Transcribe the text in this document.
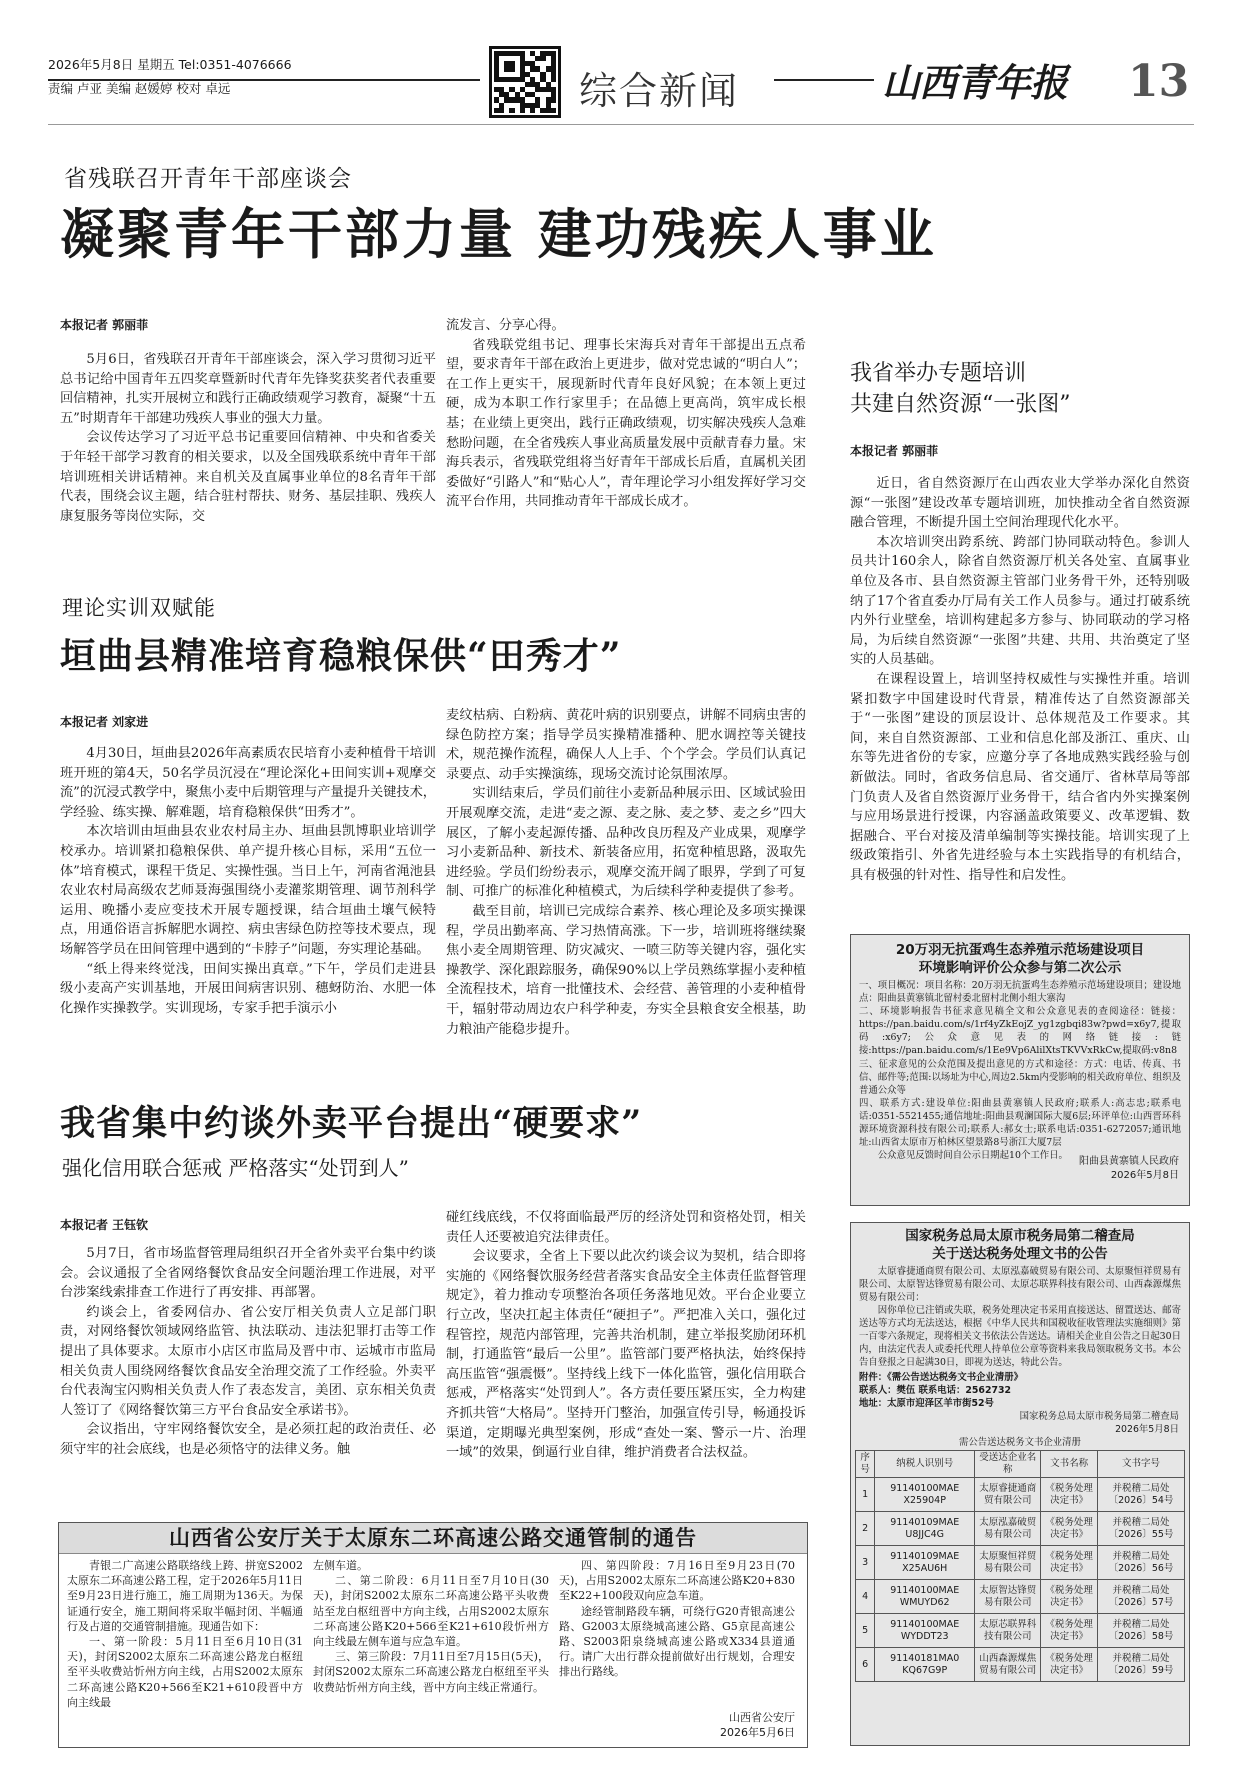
2026年5月8日 星期五 Tel:0351-4076666
责编 卢亚 美编 赵媛婷 校对 卓远	综合新闻	山西青年报 13
省残联召开青年干部座谈会
凝聚青年干部力量 建功残疾人事业
本报记者 郭丽菲

5月6日，省残联召开青年干部座谈会，深入学习贯彻习近平总书记给中国青年五四奖章暨新时代青年先锋奖获奖者代表重要回信精神，扎实开展树立和践行正确政绩观学习教育，凝聚“十五五”时期青年干部建功残疾人事业的强大力量。

会议传达学习了习近平总书记重要回信精神、中央和省委关于年轻干部学习教育的相关要求，以及全国残联系统中青年干部培训班相关讲话精神。来自机关及直属事业单位的8名青年干部代表，围绕会议主题，结合驻村帮扶、财务、基层挂职、残疾人康复服务等岗位实际，交

流发言、分享心得。

省残联党组书记、理事长宋海兵对青年干部提出五点希望，要求青年干部在政治上更进步，做对党忠诚的“明白人”；在工作上更实干，展现新时代青年良好风貌；在本领上更过硬，成为本职工作行家里手；在品德上更高尚，筑牢成长根基；在业绩上更突出，践行正确政绩观，切实解决残疾人急难愁盼问题，在全省残疾人事业高质量发展中贡献青春力量。宋海兵表示，省残联党组将当好青年干部成长后盾，直属机关团委做好“引路人”和“贴心人”，青年理论学习小组发挥好学习交流平台作用，共同推动青年干部成长成才。

我省举办专题培训
共建自然资源“一张图”
本报记者 郭丽菲

近日，省自然资源厅在山西农业大学举办深化自然资源“一张图”建设改革专题培训班，加快推动全省自然资源融合管理，不断提升国土空间治理现代化水平。

本次培训突出跨系统、跨部门协同联动特色。参训人员共计160余人，除省自然资源厅机关各处室、直属事业单位及各市、县自然资源主管部门业务骨干外，还特别吸纳了17个省直委办厅局有关工作人员参与。通过打破系统内外行业壁垒，培训构建起多方参与、协同联动的学习格局，为后续自然资源“一张图”共建、共用、共治奠定了坚实的人员基础。

在课程设置上，培训坚持权威性与实操性并重。培训紧扣数字中国建设时代背景，精准传达了自然资源部关于“一张图”建设的顶层设计、总体规范及工作要求。其间，来自自然资源部、工业和信息化部及浙江、重庆、山东等先进省份的专家，应邀分享了各地成熟实践经验与创新做法。同时，省政务信息局、省交通厅、省林草局等部门负责人及省自然资源厅业务骨干，结合省内外实操案例与应用场景进行授课，内容涵盖政策要义、改革逻辑、数据融合、平台对接及清单编制等实操技能。培训实现了上级政策指引、外省先进经验与本土实践指导的有机结合，具有极强的针对性、指导性和启发性。

理论实训双赋能
垣曲县精准培育稳粮保供“田秀才”
本报记者 刘家进

4月30日，垣曲县2026年高素质农民培育小麦种植骨干培训班开班的第4天，50名学员沉浸在“理论深化+田间实训+观摩交流”的沉浸式教学中，聚焦小麦中后期管理与产量提升关键技术，学经验、练实操、解难题，培育稳粮保供“田秀才”。

本次培训由垣曲县农业农村局主办、垣曲县凯博职业培训学校承办。培训紧扣稳粮保供、单产提升核心目标，采用“五位一体”培育模式，课程干货足、实操性强。当日上午，河南省渑池县农业农村局高级农艺师聂海强围绕小麦灌浆期管理、调节剂科学运用、晚播小麦应变技术开展专题授课，结合垣曲土壤气候特点，用通俗语言拆解肥水调控、病虫害绿色防控等技术要点，现场解答学员在田间管理中遇到的“卡脖子”问题，夯实理论基础。

“纸上得来终觉浅，田间实操出真章。”下午，学员们走进县级小麦高产实训基地，开展田间病害识别、穗蚜防治、水肥一体化操作实操教学。实训现场，专家手把手演示小

麦纹枯病、白粉病、黄花叶病的识别要点，讲解不同病虫害的绿色防控方案；指导学员实操精准播种、肥水调控等关键技术，规范操作流程，确保人人上手、个个学会。学员们认真记录要点、动手实操演练，现场交流讨论氛围浓厚。

实训结束后，学员们前往小麦新品种展示田、区域试验田开展观摩交流，走进“麦之源、麦之脉、麦之梦、麦之乡”四大展区，了解小麦起源传播、品种改良历程及产业成果，观摩学习小麦新品种、新技术、新装备应用，拓宽种植思路，汲取先进经验。学员们纷纷表示，观摩交流开阔了眼界，学到了可复制、可推广的标准化种植模式，为后续科学种麦提供了参考。

截至目前，培训已完成综合素养、核心理论及多项实操课程，学员出勤率高、学习热情高涨。下一步，培训班将继续聚焦小麦全周期管理、防灾减灾、一喷三防等关键内容，强化实操教学、深化跟踪服务，确保90%以上学员熟练掌握小麦种植全流程技术，培育一批懂技术、会经营、善管理的小麦种植骨干，辐射带动周边农户科学种麦，夯实全县粮食安全根基，助力粮油产能稳步提升。

20万羽无抗蛋鸡生态养殖示范场建设项目
环境影响评价公众参与第二次公示

一、项目概况：项目名称：20万羽无抗蛋鸡生态养殖示范场建设项目；建设地点：阳曲县黄寨镇北留村委北留村北侧小组大寨沟

二、环境影响报告书征求意见稿全文和公众意见表的查阅途径：链接：https://pan.baidu.com/s/1rf4yZkEojZ_yg1zgbqi83w?pwd=x6y7,提取码:x6y7;公众意见表的网络链接:链接:https://pan.baidu.com/s/1Ee9Vp6AlilXtsTKVVxRkCw,提取码:v8n8

三、征求意见的公众范围及提出意见的方式和途径：方式：电话、传真、书信、邮件等;范围:以场址为中心,周边2.5km内受影响的相关政府单位、组织及普通公众等

四、联系方式:建设单位:阳曲县黄寨镇人民政府;联系人:高志忠;联系电话:0351-5521455;通信地址:阳曲县观澜国际大厦6层;环评单位:山西晋环科源环境资源科技有限公司;联系人:郝女士;联系电话:0351-6272057;通讯地址:山西省太原市万柏林区望景路8号浙江大厦7层

公众意见反馈时间自公示日期起10个工作日。

阳曲县黄寨镇人民政府
2026年5月8日
我省集中约谈外卖平台提出“硬要求”
强化信用联合惩戒 严格落实“处罚到人”
本报记者 王钰钦

5月7日，省市场监督管理局组织召开全省外卖平台集中约谈会。会议通报了全省网络餐饮食品安全问题治理工作进展，对平台涉案线索排查工作进行了再安排、再部署。

约谈会上，省委网信办、省公安厅相关负责人立足部门职责，对网络餐饮领域网络监管、执法联动、违法犯罪打击等工作提出了具体要求。太原市小店区市监局及晋中市、运城市市监局相关负责人围绕网络餐饮食品安全治理交流了工作经验。外卖平台代表淘宝闪购相关负责人作了表态发言，美团、京东相关负责人签订了《网络餐饮第三方平台食品安全承诺书》。

会议指出，守牢网络餐饮安全，是必须扛起的政治责任、必须守牢的社会底线，也是必须恪守的法律义务。触

碰红线底线，不仅将面临最严厉的经济处罚和资格处罚，相关责任人还要被追究法律责任。

会议要求，全省上下要以此次约谈会议为契机，结合即将实施的《网络餐饮服务经营者落实食品安全主体责任监督管理规定》，着力推动专项整治各项任务落地见效。平台企业要立行立改，坚决扛起主体责任“硬担子”。严把准入关口，强化过程管控，规范内部管理，完善共治机制，建立举报奖励闭环机制，打通监管“最后一公里”。监管部门要严格执法，始终保持高压监管“强震慑”。坚持线上线下一体化监管，强化信用联合惩戒，严格落实“处罚到人”。各方责任要压紧压实，全力构建齐抓共管“大格局”。坚持开门整治，加强宣传引导，畅通投诉渠道，定期曝光典型案例，形成“查处一案、警示一片、治理一域”的效果，倒逼行业自律，维护消费者合法权益。

国家税务总局太原市税务局第二稽查局
关于送达税务处理文书的公告

太原睿捷通商贸有限公司、太原泓嘉破贸易有限公司、太原聚恒祥贸易有限公司、太原智达锋贸易有限公司、太原芯联界科技有限公司、山西森源煤焦贸易有限公司：

因你单位已注销或失联，税务处理决定书采用直接送达、留置送达、邮寄送达等方式均无法送达，根据《中华人民共和国税收征收管理法实施细则》第一百零六条规定，现将相关文书依法公告送达。请相关企业自公告之日起30日内，由法定代表人或委托代理人持单位公章等资料来我局领取税务文书。本公告自登报之日起满30日，即视为送达，特此公告。

附件：《需公告送达税务文书企业清册》
联系人：樊伍 联系电话：2562732
地址：太原市迎泽区羊市街52号
国家税务总局太原市税务局第二稽查局
2026年5月8日
需公告送达税务文书企业清册
序号	纳税人识别号	受送达企业名称	文书名称	文书字号
1	91140100MAE X25904P	太原睿捷通商贸有限公司	《税务处理决定书》	并税稽二局处〔2026〕54号
2	91140109MAE U8JJC4G	太原泓嘉破贸易有限公司	《税务处理决定书》	并税稽二局处〔2026〕55号
3	91140109MAE X25AU6H	太原聚恒祥贸易有限公司	《税务处理决定书》	并税稽二局处〔2026〕56号
4	91140100MAE WMUYD62	太原智达锋贸易有限公司	《税务处理决定书》	并税稽二局处〔2026〕57号
5	91140100MAE WYDDT23	太原芯联界科技有限公司	《税务处理决定书》	并税稽二局处〔2026〕58号
6	91140181MA0 KQ67G9P	山西森源煤焦贸易有限公司	《税务处理决定书》	并税稽二局处〔2026〕59号
山西省公安厅关于太原东二环高速公路交通管制的通告

青银二广高速公路联络线上跨、拼宽S2002太原东二环高速公路工程，定于2026年5月11日至9月23日进行施工，施工周期为136天。为保证通行安全，施工期间将采取半幅封闭、半幅通行及占道的交通管制措施。现通告如下：

一、第一阶段：5月11日至6月10日(31天)，封闭S2002太原东二环高速公路龙白枢纽至平头收费站忻州方向主线，占用S2002太原东二环高速公路K20+566至K21+610段晋中方向主线最

左侧车道。

二、第二阶段：6月11日至7月10日(30天)，封闭S2002太原东二环高速公路平头收费站至龙白枢纽晋中方向主线，占用S2002太原东二环高速公路K20+566至K21+610段忻州方向主线最左侧车道与应急车道。

三、第三阶段：7月11日至7月15日(5天)，封闭S2002太原东二环高速公路龙白枢纽至平头收费站忻州方向主线，晋中方向主线正常通行。

四、第四阶段：7月16日至9月23日(70天)，占用S2002太原东二环高速公路K20+830至K22+100段双向应急车道。

途经管制路段车辆，可绕行G20青银高速公路、G2003太原绕城高速公路、G5京昆高速公路、S2003阳泉绕城高速公路或X334县道通行。请广大出行群众提前做好出行规划，合理安排出行路线。

山西省公安厅
2026年5月6日
